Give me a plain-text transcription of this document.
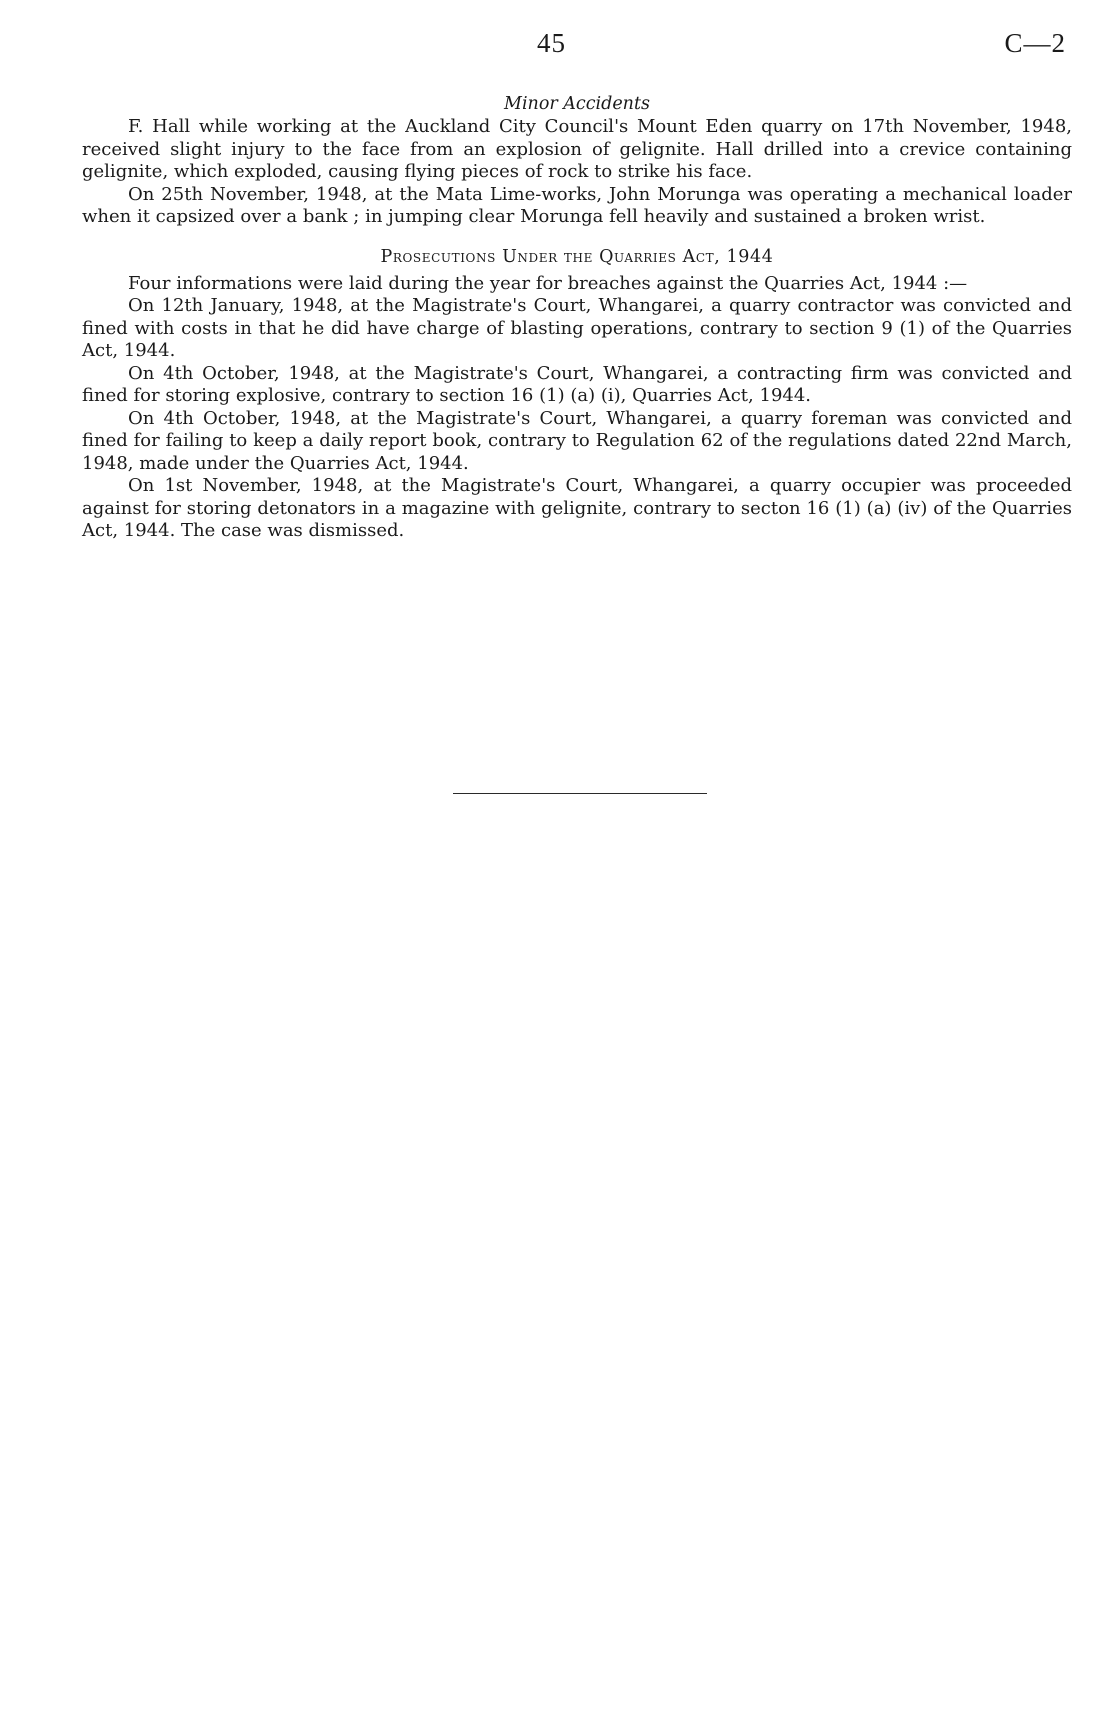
45	C—2
Minor Accidents

F. Hall while working at the Auckland City Council's Mount Eden quarry on 17th November, 1948, received slight injury to the face from an explosion of gelignite. Hall drilled into a crevice containing gelignite, which exploded, causing flying pieces of rock to strike his face.

On 25th November, 1948, at the Mata Lime-works, John Morunga was operating a mechanical loader when it capsized over a bank ; in jumping clear Morunga fell heavily and sustained a broken wrist.

Prosecutions Under the Quarries Act, 1944

Four informations were laid during the year for breaches against the Quarries Act, 1944 :—

On 12th January, 1948, at the Magistrate's Court, Whangarei, a quarry contractor was convicted and fined with costs in that he did have charge of blasting operations, contrary to section 9 (1) of the Quarries Act, 1944.

On 4th October, 1948, at the Magistrate's Court, Whangarei, a contracting firm was convicted and fined for storing explosive, contrary to section 16 (1) (a) (i), Quarries Act, 1944.

On 4th October, 1948, at the Magistrate's Court, Whangarei, a quarry foreman was convicted and fined for failing to keep a daily report book, contrary to Regulation 62 of the regulations dated 22nd March, 1948, made under the Quarries Act, 1944.

On 1st November, 1948, at the Magistrate's Court, Whangarei, a quarry occupier was proceeded against for storing detonators in a magazine with gelignite, contrary to secton 16 (1) (a) (iv) of the Quarries Act, 1944. The case was dismissed.
